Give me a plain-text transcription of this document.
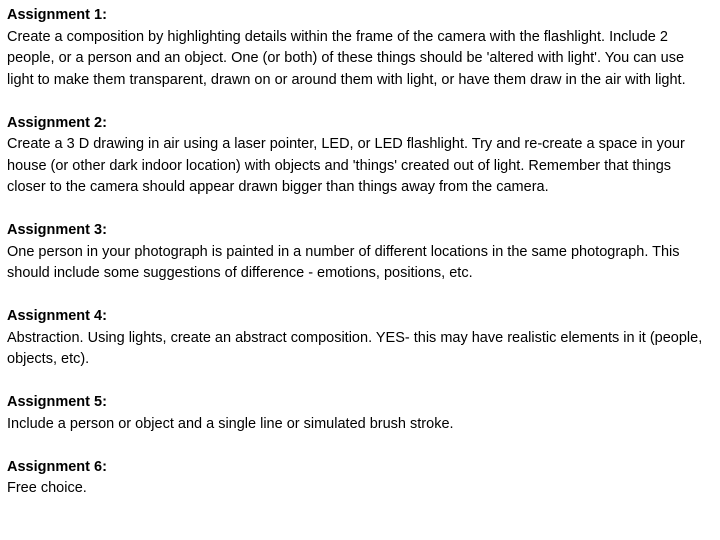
Assignment 1:

Create a composition by highlighting details within the frame of the camera with the flashlight. Include 2 people, or a person and an object. One (or both) of these things should be 'altered with light'. You can use light to make them transparent, drawn on or around them with light, or have them draw in the air with light.

Assignment 2:

Create a 3 D drawing in air using a laser pointer, LED, or LED flashlight. Try and re-create a space in your house (or other dark indoor location) with objects and 'things' created out of light. Remember that things closer to the camera should appear drawn bigger than things away from the camera.

Assignment 3:

One person in your photograph is painted in a number of different locations in the same photograph. This should include some suggestions of difference - emotions, positions, etc.

Assignment 4:

Abstraction. Using lights, create an abstract composition. YES- this may have realistic elements in it (people, objects, etc).

Assignment 5:

Include a person or object and a single line or simulated brush stroke.

Assignment 6:

Free choice.
